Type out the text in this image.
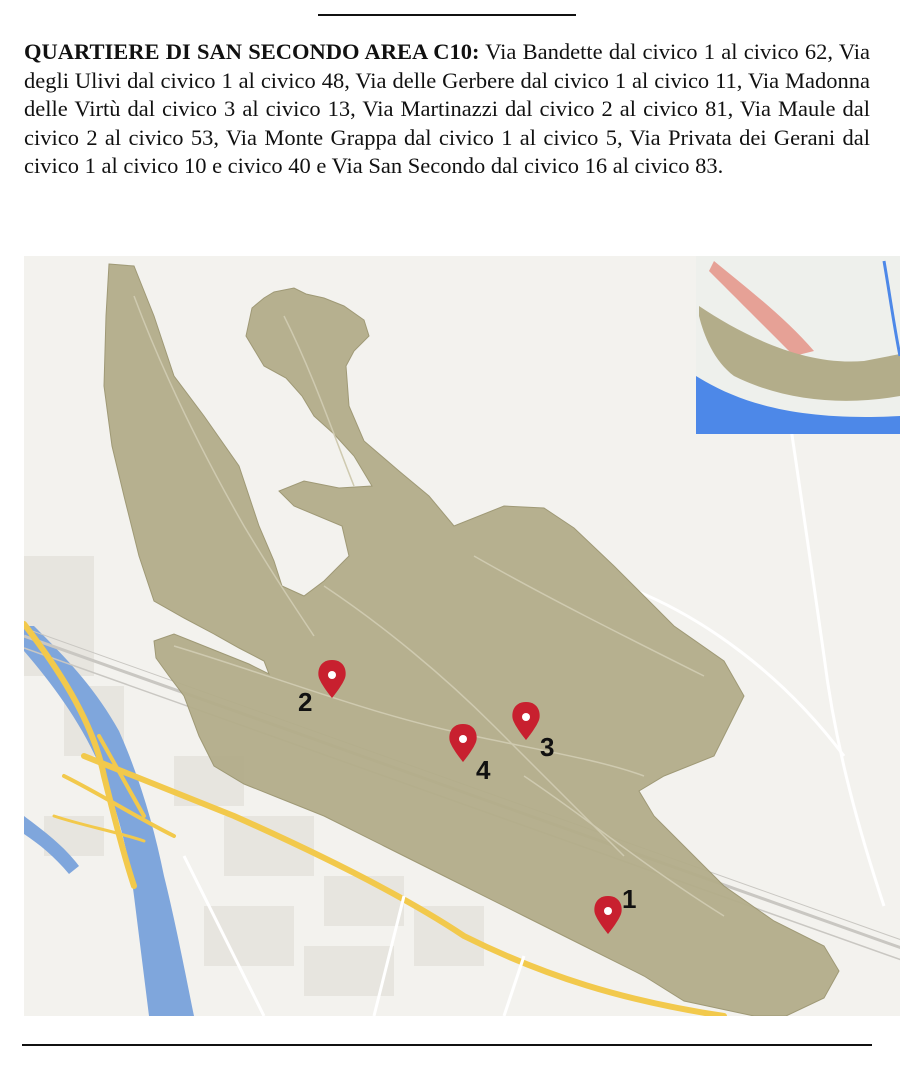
QUARTIERE DI SAN SECONDO AREA C10: Via Bandette dal civico 1 al civico 62, Via degli Ulivi dal civico 1 al civico 48, Via delle Gerbere dal civico 1 al civico 11, Via Madonna delle Virtù dal civico 3 al civico 13, Via Martinazzi dal civico 2 al civico 81, Via Maule dal civico 2 al civico 53, Via Monte Grappa dal civico 1 al civico 5, Via Privata dei Gerani dal civico 1 al civico 10 e civico 40 e Via San Secondo dal civico 16 al civico 83.

1
2
3
4
